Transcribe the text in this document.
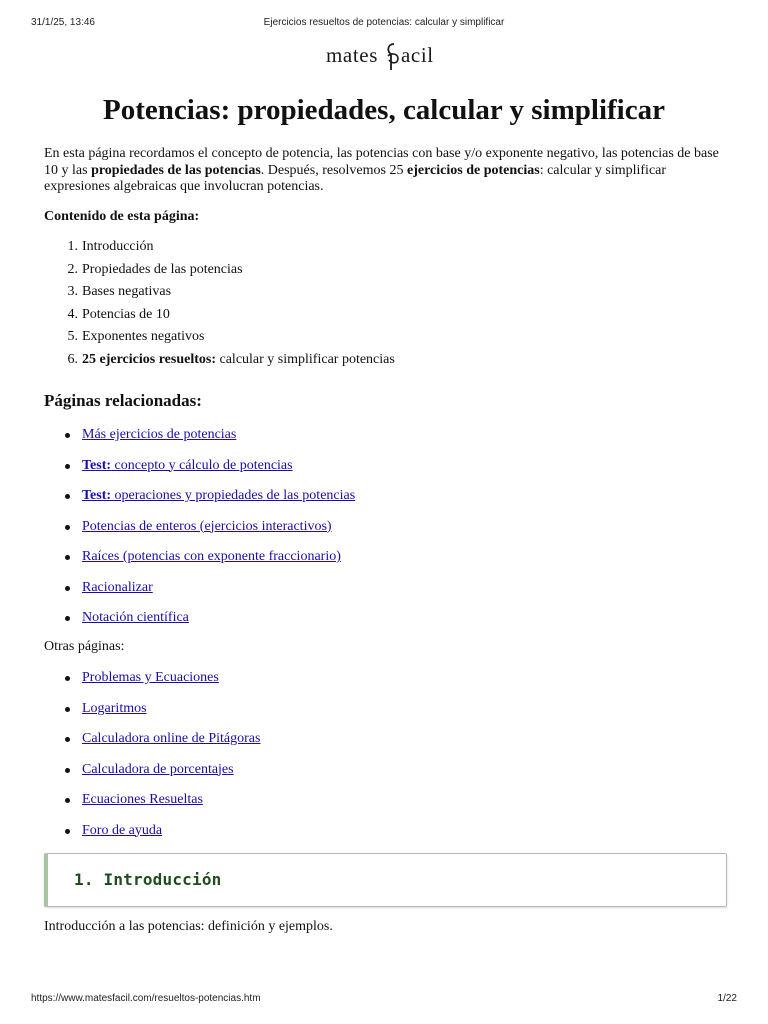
31/1/25, 13:46	Ejercicios resueltos de potencias: calcular y simplificar
mates acil
Potencias: propiedades, calcular y simplificar

En esta página recordamos el concepto de potencia, las potencias con base y/o exponente negativo, las potencias de base 10 y las propiedades de las potencias. Después, resolvemos 25 ejercicios de potencias: calcular y simplificar expresiones algebraicas que involucran potencias.

Contenido de esta página:
1. Introducción
2. Propiedades de las potencias
3. Bases negativas
4. Potencias de 10
5. Exponentes negativos
6. 25 ejercicios resueltos: calcular y simplificar potencias
Páginas relacionadas:
Más ejercicios de potencias
Test: concepto y cálculo de potencias
Test: operaciones y propiedades de las potencias
Potencias de enteros (ejercicios interactivos)
Raíces (potencias con exponente fraccionario)
Racionalizar
Notación científica
Otras páginas:
Problemas y Ecuaciones
Logaritmos
Calculadora online de Pitágoras
Calculadora de porcentajes
Ecuaciones Resueltas
Foro de ayuda
1. Introducción

Introducción a las potencias: definición y ejemplos.

https://www.matesfacil.com/resueltos-potencias.htm	1/22
